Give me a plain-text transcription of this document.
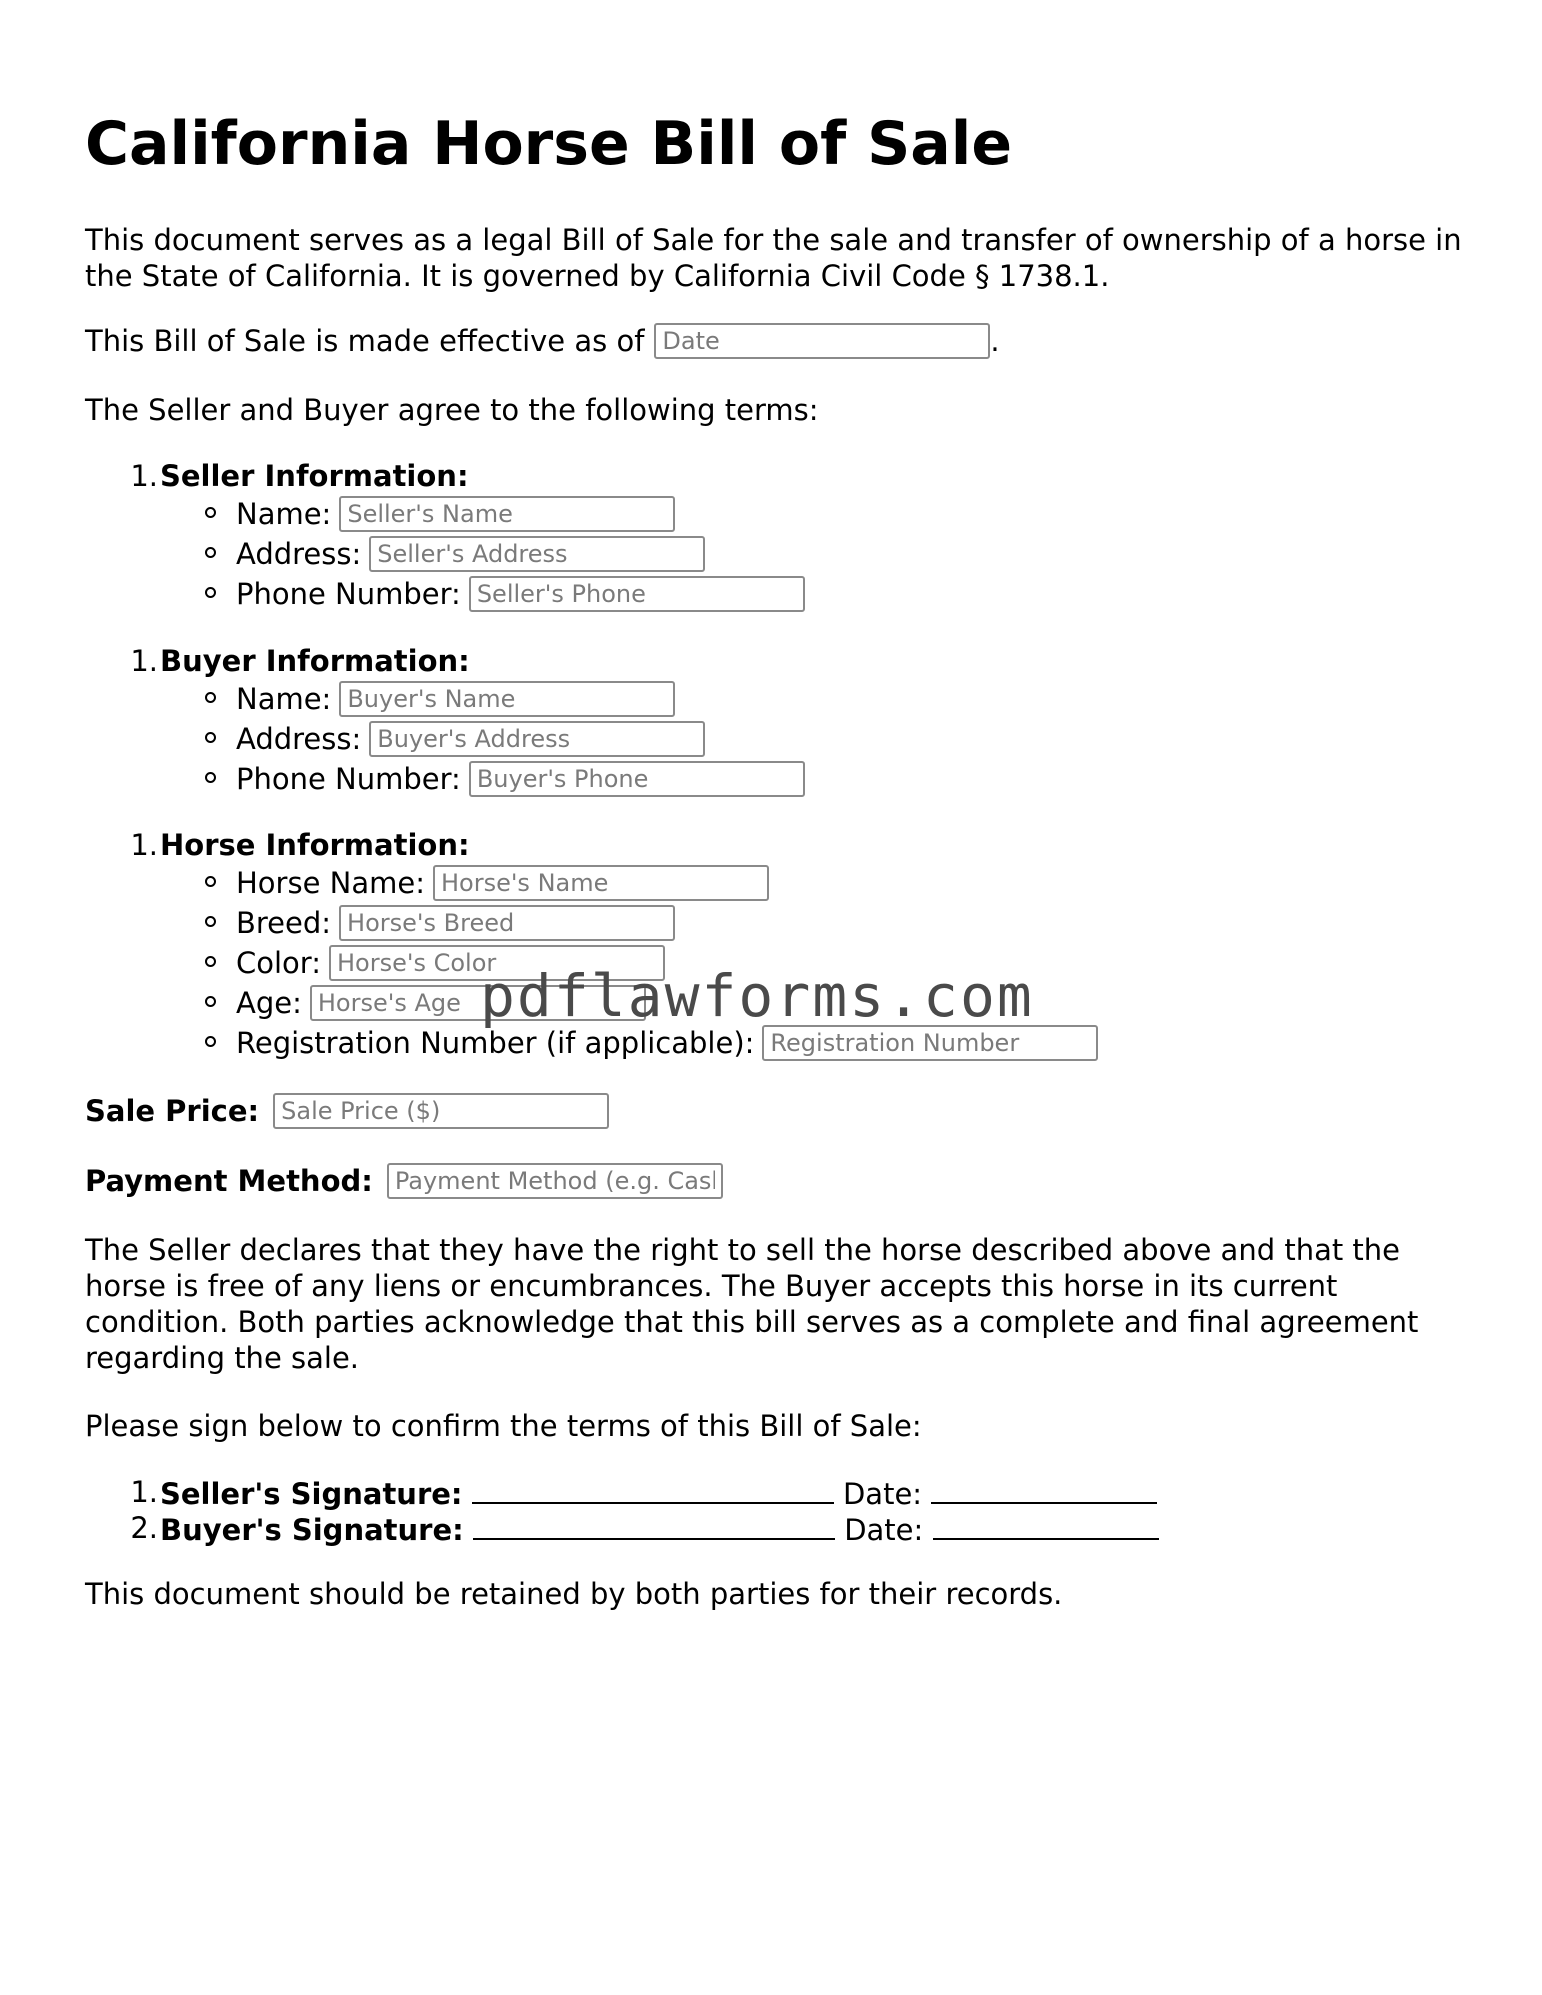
California Horse Bill of Sale

This document serves as a legal Bill of Sale for the sale and transfer of ownership of a horse in the State of California. It is governed by California Civil Code § 1738.1.

This Bill of Sale is made effective as of
Date	.

The Seller and Buyer agree to the following terms:

1. Seller Information:
Name:
Seller's Name
Address:
Seller's Address
Phone Number:
Seller's Phone
1. Buyer Information:
Name:
Buyer's Name
Address:
Buyer's Address
Phone Number:
Buyer's Phone
1. Horse Information:
Horse Name:
Horse's Name
Breed:
Horse's Breed
Color:
Horse's Color
Age:
Horse's Age
Registration Number (if applicable):
Registration Number
Sale Price:
Sale Price ($)
Payment Method:
Payment Method (e.g. Cash, Check)

The Seller declares that they have the right to sell the horse described above and that the horse is free of any liens or encumbrances. The Buyer accepts this horse in its current condition. Both parties acknowledge that this bill serves as a complete and final agreement regarding the sale.

Please sign below to confirm the terms of this Bill of Sale:

1. Seller's Signature:	Date:
2. Buyer's Signature:	Date:

This document should be retained by both parties for their records.

pdflawforms.com
